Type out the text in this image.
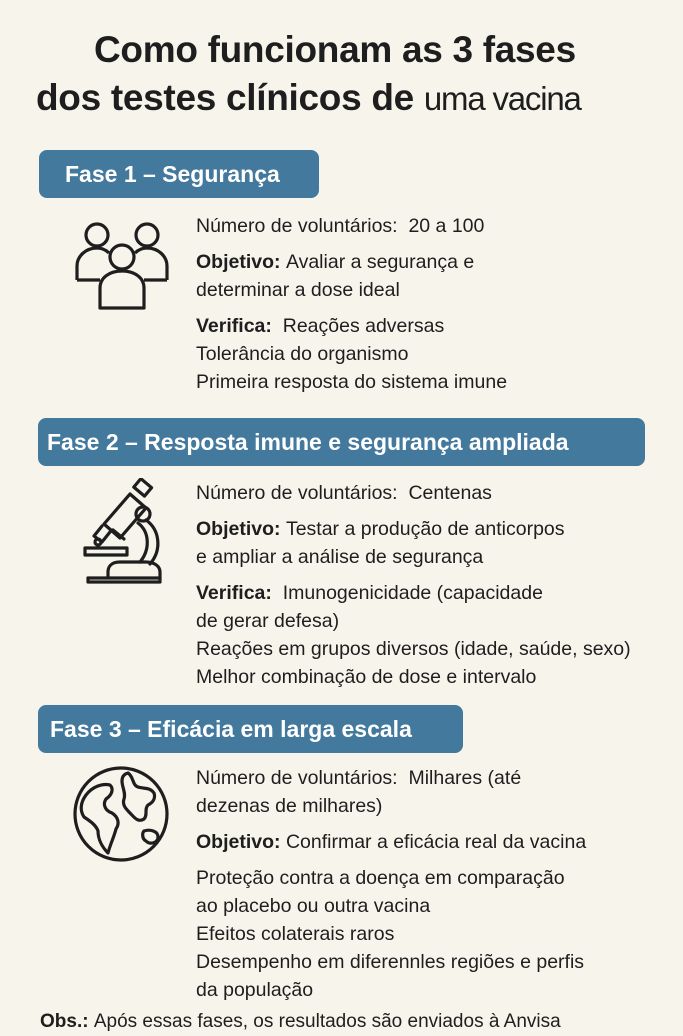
Como funcionam as 3 fases
dos testes clínicos de uma vacina
Fase 1 – Segurança
Número de voluntários: 20 a 100
Objetivo: Avaliar a segurança e
determinar a dose ideal
Verifica: Reações adversas
Tolerância do organismo
Primeira resposta do sistema imune
Fase 2 – Resposta imune e segurança ampliada
Número de voluntários: Centenas
Objetivo: Testar a produção de anticorpos
e ampliar a análise de segurança
Verifica: Imunogenicidade (capacidade
de gerar defesa)
Reações em grupos diversos (idade, saúde, sexo)
Melhor combinação de dose e intervalo
Fase 3 – Eficácia em larga escala
Número de voluntários: Milhares (até
dezenas de milhares)
Objetivo: Confirmar a eficácia real da vacina
Proteção contra a doença em comparação
ao placebo ou outra vacina
Efeitos colaterais raros
Desempenho em diferennles regiões e perfis
da população
Obs.: Após essas fases, os resultados são enviados à Anvisa
